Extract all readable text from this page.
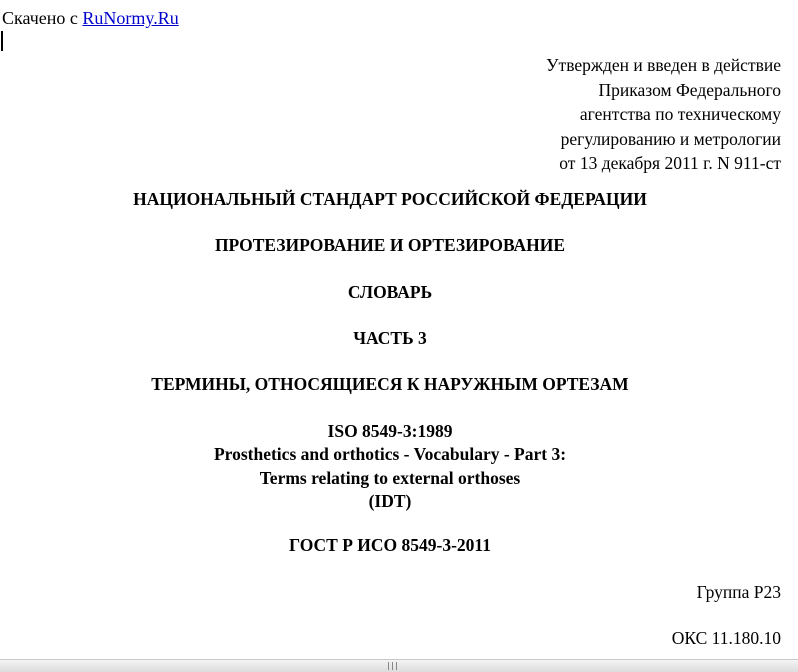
Скачено с RuNormy.Ru
Утвержден и введен в действие
Приказом Федерального
агентства по техническому
регулированию и метрологии
от 13 декабря 2011 г. N 911-ст
НАЦИОНАЛЬНЫЙ СТАНДАРТ РОССИЙСКОЙ ФЕДЕРАЦИИ
ПРОТЕЗИРОВАНИЕ И ОРТЕЗИРОВАНИЕ
СЛОВАРЬ
ЧАСТЬ 3
ТЕРМИНЫ, ОТНОСЯЩИЕСЯ К НАРУЖНЫМ ОРТЕЗАМ
ISO 8549-3:1989
Prosthetics and orthotics - Vocabulary - Part 3:
Terms relating to external orthoses
(IDT)
ГОСТ Р ИСО 8549-3-2011
Группа Р23
ОКС 11.180.10
